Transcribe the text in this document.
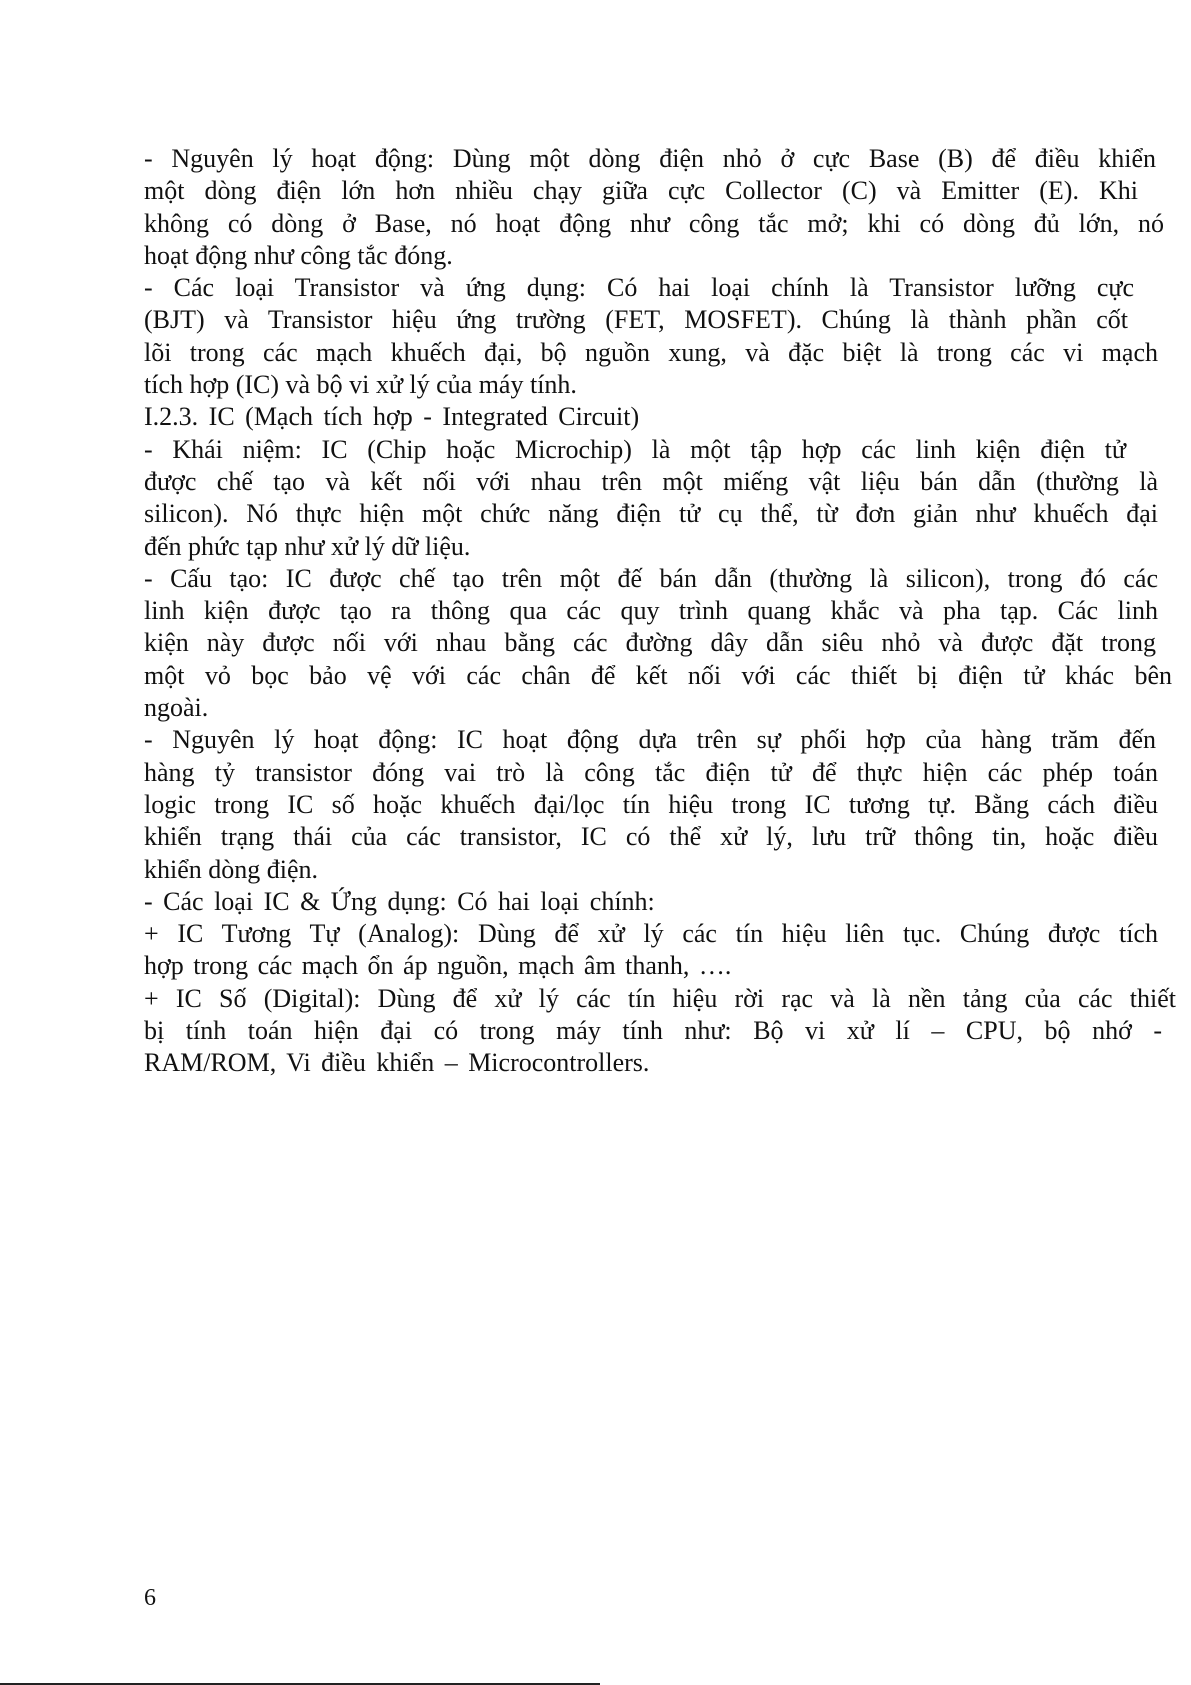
- Nguyên lý hoạt động: Dùng một dòng điện nhỏ ở cực Base (B) để điều khiển
một dòng điện lớn hơn nhiều chạy giữa cực Collector (C) và Emitter (E). Khi
không có dòng ở Base, nó hoạt động như công tắc mở; khi có dòng đủ lớn, nó
hoạt động như công tắc đóng.
- Các loại Transistor và ứng dụng: Có hai loại chính là Transistor lưỡng cực
(BJT) và Transistor hiệu ứng trường (FET, MOSFET). Chúng là thành phần cốt
lõi trong các mạch khuếch đại, bộ nguồn xung, và đặc biệt là trong các vi mạch
tích hợp (IC) và bộ vi xử lý của máy tính.
I.2.3. IC (Mạch tích hợp - Integrated Circuit)
- Khái niệm: IC (Chip hoặc Microchip) là một tập hợp các linh kiện điện tử
được chế tạo và kết nối với nhau trên một miếng vật liệu bán dẫn (thường là
silicon). Nó thực hiện một chức năng điện tử cụ thể, từ đơn giản như khuếch đại
đến phức tạp như xử lý dữ liệu.
- Cấu tạo: IC được chế tạo trên một đế bán dẫn (thường là silicon), trong đó các
linh kiện được tạo ra thông qua các quy trình quang khắc và pha tạp. Các linh
kiện này được nối với nhau bằng các đường dây dẫn siêu nhỏ và được đặt trong
một vỏ bọc bảo vệ với các chân để kết nối với các thiết bị điện tử khác bên
ngoài.
- Nguyên lý hoạt động: IC hoạt động dựa trên sự phối hợp của hàng trăm đến
hàng tỷ transistor đóng vai trò là công tắc điện tử để thực hiện các phép toán
logic trong IC số hoặc khuếch đại/lọc tín hiệu trong IC tương tự. Bằng cách điều
khiển trạng thái của các transistor, IC có thể xử lý, lưu trữ thông tin, hoặc điều
khiển dòng điện.
- Các loại IC & Ứng dụng: Có hai loại chính:
+ IC Tương Tự (Analog): Dùng để xử lý các tín hiệu liên tục. Chúng được tích
hợp trong các mạch ổn áp nguồn, mạch âm thanh, ….
+ IC Số (Digital): Dùng để xử lý các tín hiệu rời rạc và là nền tảng của các thiết
bị tính toán hiện đại có trong máy tính như: Bộ vi xử lí – CPU, bộ nhớ -
RAM/ROM, Vi điều khiển – Microcontrollers.
6
